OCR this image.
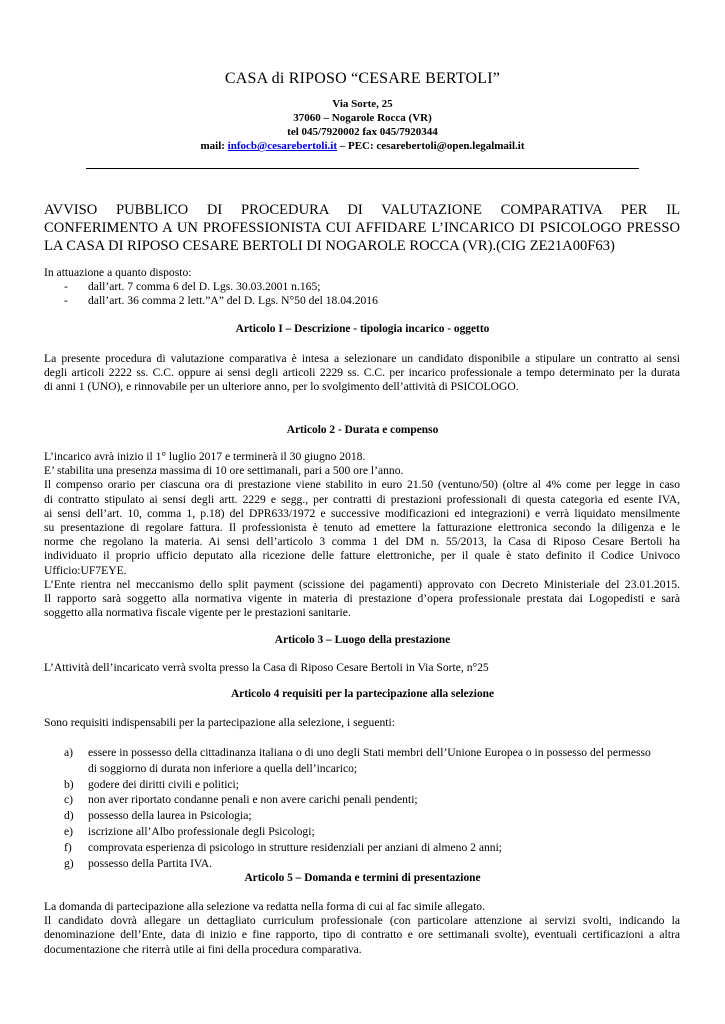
CASA di RIPOSO “CESARE BERTOLI”
Via Sorte, 25
37060 – Nogarole Rocca (VR)
tel 045/7920002 fax 045/7920344
mail: infocb@cesarebertoli.it – PEC: cesarebertoli@open.legalmail.it
AVVISO PUBBLICO DI PROCEDURA DI VALUTAZIONE COMPARATIVA PER IL
CONFERIMENTO A UN PROFESSIONISTA CUI AFFIDARE L’INCARICO DI PSICOLOGO PRESSO
LA CASA DI RIPOSO CESARE BERTOLI DI NOGAROLE ROCCA (VR).(CIG ZE21A00F63)
In attuazione a quanto disposto:
- dall’art. 7 comma 6 del D. Lgs. 30.03.2001 n.165;
- dall’art. 36 comma 2 lett.”A” del D. Lgs. N°50 del 18.04.2016
Articolo I – Descrizione - tipologia incarico - oggetto
La presente procedura di valutazione comparativa è intesa a selezionare un candidato disponibile a stipulare un contratto ai sensi
degli articoli 2222 ss. C.C. oppure ai sensi degli articoli 2229 ss. C.C. per incarico professionale a tempo determinato per la durata
di anni 1 (UNO), e rinnovabile per un ulteriore anno, per lo svolgimento dell’attività di PSICOLOGO.
Articolo 2 - Durata e compenso
L’incarico avrà inizio il 1° luglio 2017 e terminerà il 30 giugno 2018.
E’ stabilita una presenza massima di 10 ore settimanali, pari a 500 ore l’anno.
Il compenso orario per ciascuna ora di prestazione viene stabilito in euro 21.50 (ventuno/50) (oltre al 4% come per legge in caso
di contratto stipulato ai sensi degli artt. 2229 e segg., per contratti di prestazioni professionali di questa categoria ed esente IVA,
ai sensi dell’art. 10, comma 1, p.18) del DPR633/1972 e successive modificazioni ed integrazioni) e verrà liquidato mensilmente
su presentazione di regolare fattura. Il professionista è tenuto ad emettere la fatturazione elettronica secondo la diligenza e le
norme che regolano la materia. Ai sensi dell’articolo 3 comma 1 del DM n. 55/2013, la Casa di Riposo Cesare Bertoli ha
individuato il proprio ufficio deputato alla ricezione delle fatture elettroniche, per il quale è stato definito il Codice Univoco
Ufficio:UF7EYE.
L’Ente rientra nel meccanismo dello split payment (scissione dei pagamenti) approvato con Decreto Ministeriale del 23.01.2015.
Il rapporto sarà soggetto alla normativa vigente in materia di prestazione d’opera professionale prestata dai Logopedisti e sarà
soggetto alla normativa fiscale vigente per le prestazioni sanitarie.
Articolo 3 – Luogo della prestazione
L’Attività dell’incaricato verrà svolta presso la Casa di Riposo Cesare Bertoli in Via Sorte, n°25
Articolo 4 requisiti per la partecipazione alla selezione
Sono requisiti indispensabili per la partecipazione alla selezione, i seguenti:
a) essere in possesso della cittadinanza italiana o di uno degli Stati membri dell’Unione Europea o in possesso del permesso
di soggiorno di durata non inferiore a quella dell’incarico;
b) godere dei diritti civili e politici;
c) non aver riportato condanne penali e non avere carichi penali pendenti;
d) possesso della laurea in Psicologia;
e) iscrizione all’Albo professionale degli Psicologi;
f) comprovata esperienza di psicologo in strutture residenziali per anziani di almeno 2 anni;
g) possesso della Partita IVA.
Articolo 5 – Domanda e termini di presentazione
La domanda di partecipazione alla selezione va redatta nella forma di cui al fac simile allegato.
Il candidato dovrà allegare un dettagliato curriculum professionale (con particolare attenzione ai servizi svolti, indicando la
denominazione dell’Ente, data di inizio e fine rapporto, tipo di contratto e ore settimanali svolte), eventuali certificazioni a altra
documentazione che riterrà utile ai fini della procedura comparativa.
